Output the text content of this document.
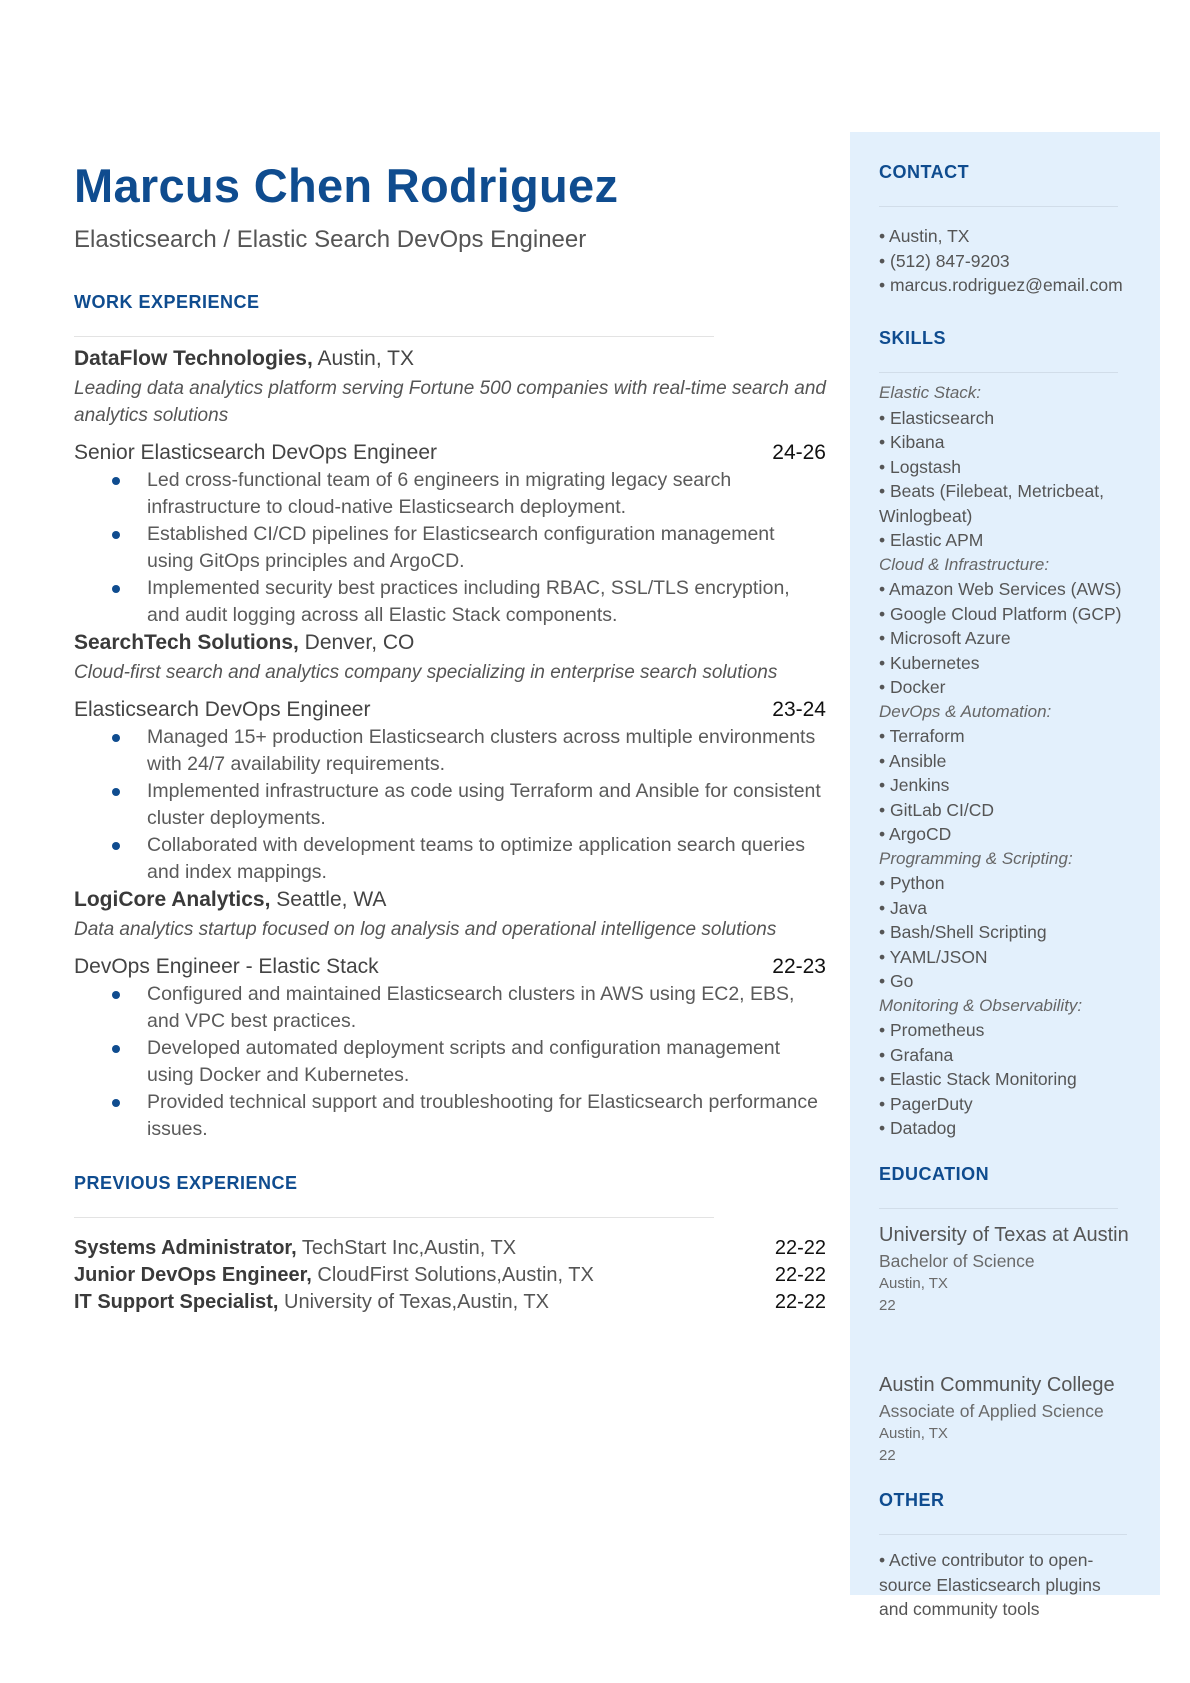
Marcus Chen Rodriguez
Elasticsearch / Elastic Search DevOps Engineer
WORK EXPERIENCE
DataFlow Technologies, Austin, TX
Leading data analytics platform serving Fortune 500 companies with real-time search and analytics solutions
Senior Elasticsearch DevOps Engineer	24-26
Led cross-functional team of 6 engineers in migrating legacy search infrastructure to cloud-native Elasticsearch deployment.
Established CI/CD pipelines for Elasticsearch configuration management using GitOps principles and ArgoCD.
Implemented security best practices including RBAC, SSL/TLS encryption, and audit logging across all Elastic Stack components.
SearchTech Solutions, Denver, CO
Cloud-first search and analytics company specializing in enterprise search solutions
Elasticsearch DevOps Engineer	23-24
Managed 15+ production Elasticsearch clusters across multiple environments with 24/7 availability requirements.
Implemented infrastructure as code using Terraform and Ansible for consistent cluster deployments.
Collaborated with development teams to optimize application search queries and index mappings.
LogiCore Analytics, Seattle, WA
Data analytics startup focused on log analysis and operational intelligence solutions
DevOps Engineer - Elastic Stack	22-23
Configured and maintained Elasticsearch clusters in AWS using EC2, EBS, and VPC best practices.
Developed automated deployment scripts and configuration management using Docker and Kubernetes.
Provided technical support and troubleshooting for Elasticsearch performance issues.
PREVIOUS EXPERIENCE
Systems Administrator, TechStart Inc,Austin, TX	22-22
Junior DevOps Engineer, CloudFirst Solutions,Austin, TX	22-22
IT Support Specialist, University of Texas,Austin, TX	22-22
CONTACT
• Austin, TX
• (512) 847-9203
• marcus.rodriguez@email.com
SKILLS
Elastic Stack:
• Elasticsearch
• Kibana
• Logstash
• Beats (Filebeat, Metricbeat,
Winlogbeat)
• Elastic APM
Cloud & Infrastructure:
• Amazon Web Services (AWS)
• Google Cloud Platform (GCP)
• Microsoft Azure
• Kubernetes
• Docker
DevOps & Automation:
• Terraform
• Ansible
• Jenkins
• GitLab CI/CD
• ArgoCD
Programming & Scripting:
• Python
• Java
• Bash/Shell Scripting
• YAML/JSON
• Go
Monitoring & Observability:
• Prometheus
• Grafana
• Elastic Stack Monitoring
• PagerDuty
• Datadog
EDUCATION
University of Texas at Austin
Bachelor of Science
Austin, TX
22
Austin Community College
Associate of Applied Science
Austin, TX
22
OTHER
• Active contributor to open-source Elasticsearch plugins and community tools
